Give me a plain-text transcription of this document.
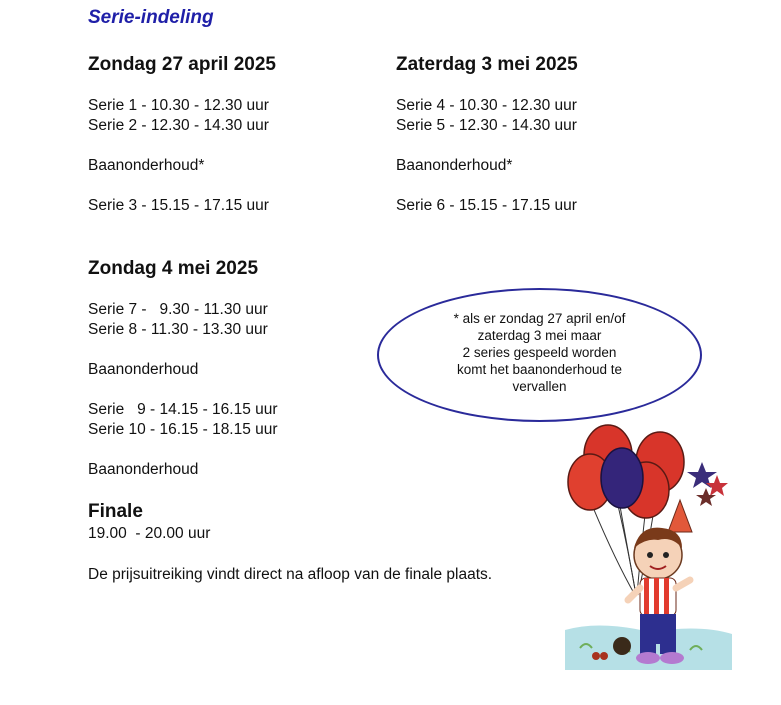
Serie-indeling
Zondag 27 april 2025
Serie 1 - 10.30 - 12.30 uur
Serie 2 - 12.30 - 14.30 uur

Baanonderhoud*

Serie 3 - 15.15 - 17.15 uur
Zaterdag 3 mei 2025
Serie 4 - 10.30 - 12.30 uur
Serie 5 - 12.30 - 14.30 uur

Baanonderhoud*

Serie 6 - 15.15 - 17.15 uur
Zondag 4 mei 2025
Serie 7 -   9.30 - 11.30 uur
Serie 8 - 11.30 - 13.30 uur

Baanonderhoud

Serie   9 - 14.15 - 16.15 uur
Serie 10 - 16.15 - 18.15 uur

Baanonderhoud
Finale
19.00  - 20.00 uur
De prijsuitreiking vindt direct na afloop van de finale plaats.
* als er zondag 27 april en/of
zaterdag 3 mei maar
2 series gespeeld worden
komt het baanonderhoud te
vervallen
